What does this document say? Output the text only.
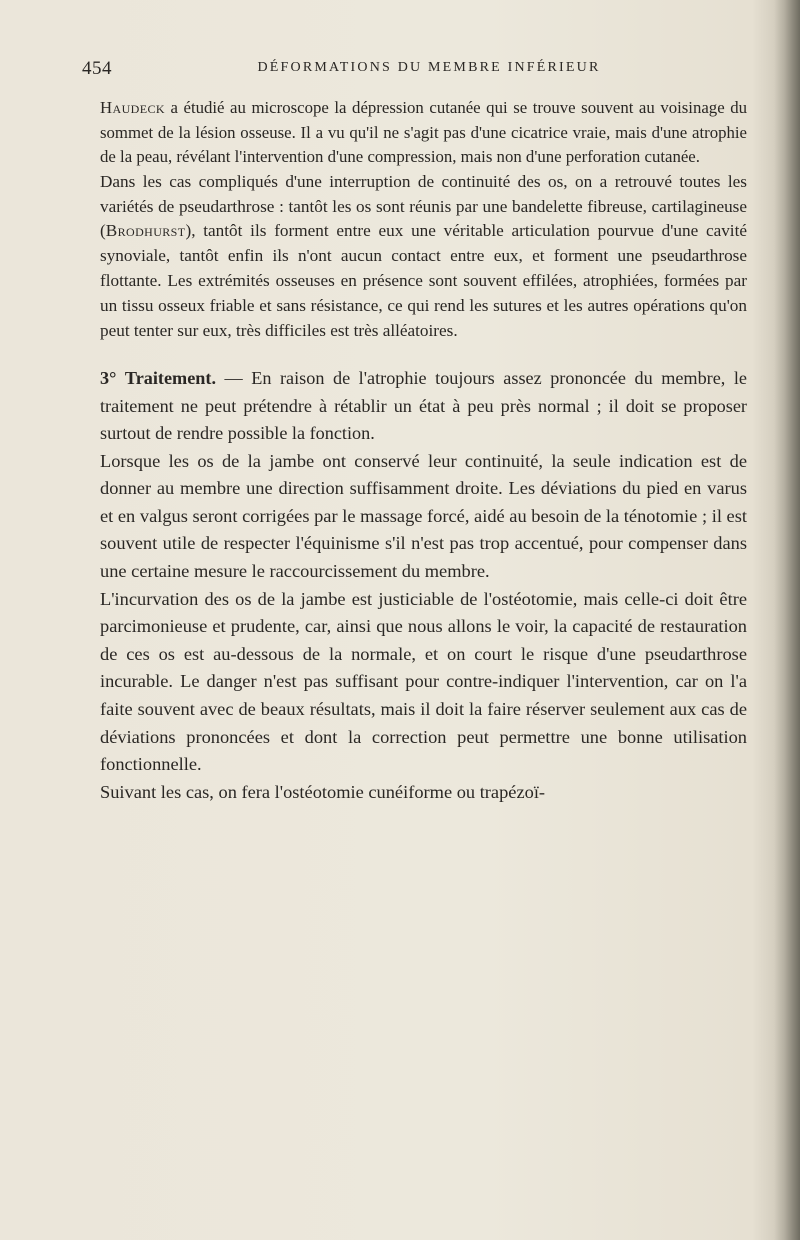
454	DÉFORMATIONS DU MEMBRE INFÉRIEUR

Haudeck a étudié au microscope la dépression cutanée qui se trouve souvent au voisinage du sommet de la lésion osseuse. Il a vu qu'il ne s'agit pas d'une cicatrice vraie, mais d'une atrophie de la peau, révélant l'intervention d'une compression, mais non d'une perforation cutanée.

Dans les cas compliqués d'une interruption de continuité des os, on a retrouvé toutes les variétés de pseudarthrose : tantôt les os sont réunis par une bandelette fibreuse, cartilagineuse (Brodhurst), tantôt ils forment entre eux une véritable articulation pourvue d'une cavité synoviale, tantôt enfin ils n'ont aucun contact entre eux, et forment une pseudarthrose flottante. Les extrémités osseuses en présence sont souvent effilées, atrophiées, formées par un tissu osseux friable et sans résistance, ce qui rend les sutures et les autres opérations qu'on peut tenter sur eux, très difficiles est très alléatoires.

3° Traitement. — En raison de l'atrophie toujours assez prononcée du membre, le traitement ne peut prétendre à rétablir un état à peu près normal ; il doit se proposer surtout de rendre possible la fonction.

Lorsque les os de la jambe ont conservé leur continuité, la seule indication est de donner au membre une direction suffisamment droite. Les déviations du pied en varus et en valgus seront corrigées par le massage forcé, aidé au besoin de la ténotomie ; il est souvent utile de respecter l'équinisme s'il n'est pas trop accentué, pour compenser dans une certaine mesure le raccourcissement du membre.

L'incurvation des os de la jambe est justiciable de l'ostéotomie, mais celle-ci doit être parcimonieuse et prudente, car, ainsi que nous allons le voir, la capacité de restauration de ces os est au-dessous de la normale, et on court le risque d'une pseudarthrose incurable. Le danger n'est pas suffisant pour contre-indiquer l'intervention, car on l'a faite souvent avec de beaux résultats, mais il doit la faire réserver seulement aux cas de déviations prononcées et dont la correction peut permettre une bonne utilisation fonctionnelle.

Suivant les cas, on fera l'ostéotomie cunéiforme ou trapézoï-
